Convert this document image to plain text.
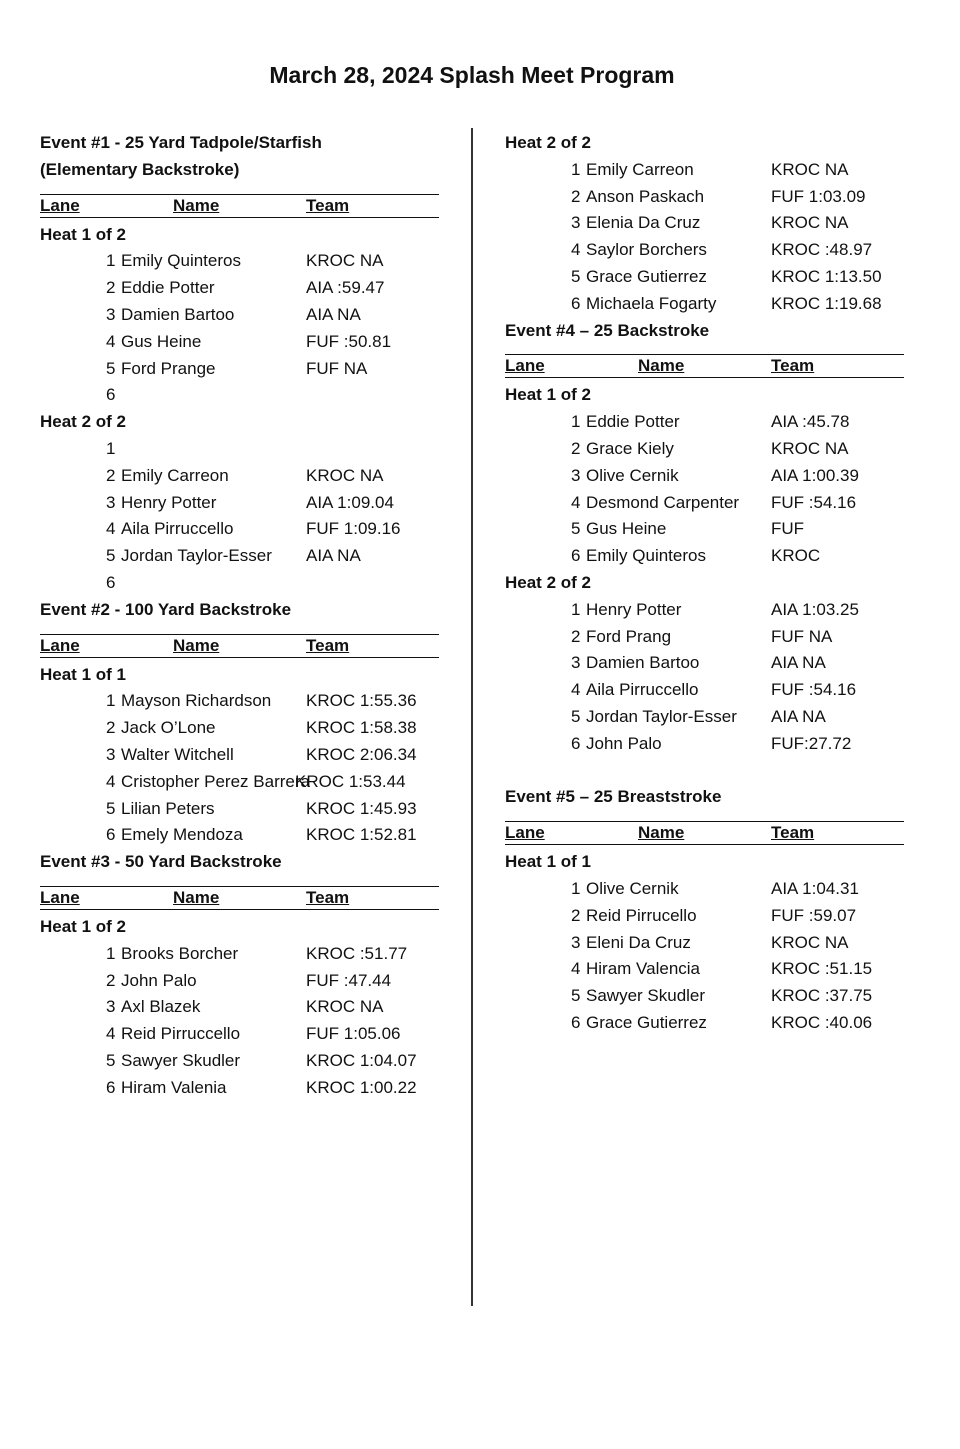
March 28, 2024 Splash Meet Program
Event #1 - 25 Yard Tadpole/Starfish
(Elementary Backstroke)
Lane	Name	Team
Heat 1 of 2
1 Emily Quinteros	KROC NA
2 Eddie Potter	AIA :59.47
3 Damien Bartoo	AIA NA
4 Gus Heine	FUF :50.81
5 Ford Prange	FUF NA
6
Heat 2 of 2
1
2 Emily Carreon	KROC NA
3 Henry Potter	AIA 1:09.04
4 Aila Pirruccello	FUF 1:09.16
5 Jordan Taylor-Esser AIA NA
6
Event #2 - 100 Yard Backstroke
Lane	Name	Team
Heat 1 of 1
1 Mayson Richardson KROC 1:55.36
2 Jack O’Lone	KROC 1:58.38
3 Walter Witchell	KROC 2:06.34
4 Cristopher Perez Barrera
KROC 1:53.44
5 Lilian Peters	KROC 1:45.93
6 Emely Mendoza	KROC 1:52.81
Event #3 - 50 Yard Backstroke
Lane	Name	Team
Heat 1 of 2
1 Brooks Borcher	KROC :51.77
2 John Palo	FUF :47.44
3 Axl Blazek	KROC NA
4 Reid Pirruccello	FUF 1:05.06
5 Sawyer Skudler	KROC 1:04.07
6 Hiram Valenia	KROC 1:00.22
Heat 2 of 2
1 Emily Carreon	KROC NA
2 Anson Paskach	FUF 1:03.09
3 Elenia Da Cruz	KROC NA
4 Saylor Borchers	KROC :48.97
5 Grace Gutierrez	KROC 1:13.50
6 Michaela Fogarty	KROC 1:19.68
Event #4 – 25 Backstroke
Lane	Name	Team
Heat 1 of 2
1 Eddie Potter	AIA :45.78
2 Grace Kiely	KROC NA
3 Olive Cernik	AIA 1:00.39
4 Desmond Carpenter FUF :54.16
5 Gus Heine	FUF
6 Emily Quinteros	KROC
Heat 2 of 2
1 Henry Potter	AIA 1:03.25
2 Ford Prang	FUF NA
3 Damien Bartoo	AIA NA
4 Aila Pirruccello	FUF :54.16
5 Jordan Taylor-Esser AIA NA
6 John Palo	FUF:27.72
Event #5 – 25 Breaststroke
Lane	Name	Team
Heat 1 of 1
1 Olive Cernik	AIA 1:04.31
2 Reid Pirrucello	FUF :59.07
3 Eleni Da Cruz	KROC NA
4 Hiram Valencia	KROC :51.15
5 Sawyer Skudler	KROC :37.75
6 Grace Gutierrez	KROC :40.06
